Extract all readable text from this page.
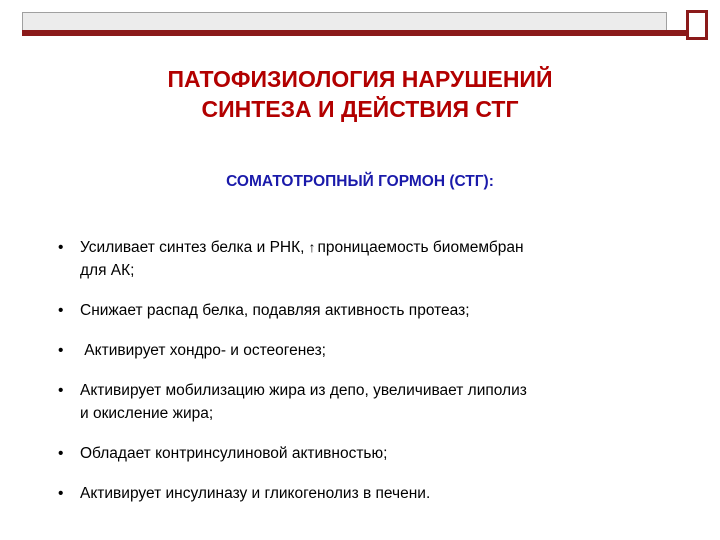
ПАТОФИЗИОЛОГИЯ НАРУШЕНИЙ
СИНТЕЗА И ДЕЙСТВИЯ СТГ

СОМАТОТРОПНЫЙ ГОРМОН (СТГ):

• Усиливает синтез белка и РНК, ↑ проницаемость биомембран
для АК;
• Снижает распад белка, подавляя активность протеаз;
• Активирует хондро- и остеогенез;
• Активирует мобилизацию жира из депо, увеличивает липолиз
и окисление жира;
• Обладает контринсулиновой активностью;
• Активирует инсулиназу и гликогенолиз в печени.
